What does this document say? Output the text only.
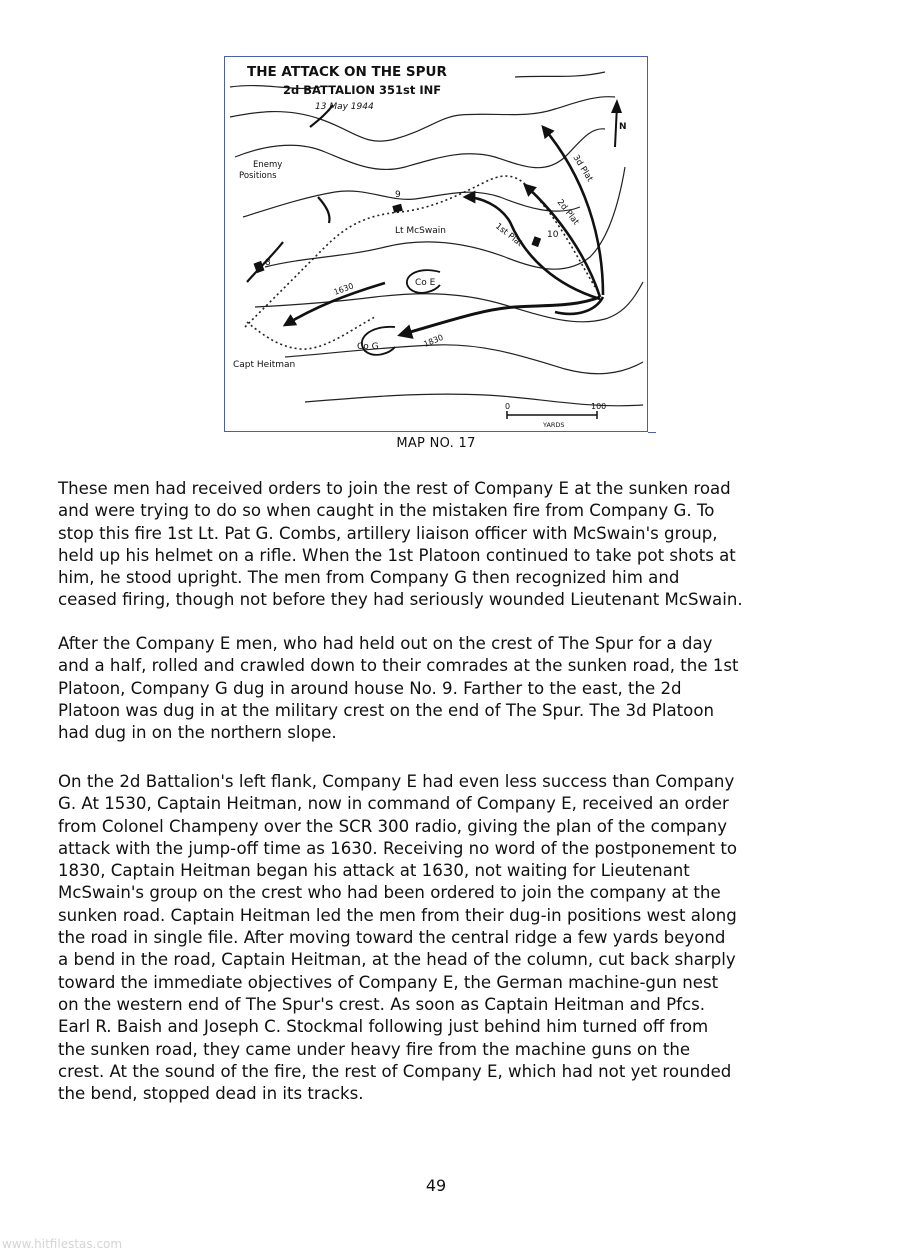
THE ATTACK ON THE SPUR
2d BATTALION 351st INF
13 May 1944
Enemy
Positions
9
8
10
Lt McSwain
Co E
Co G
Capt Heitman
1630
1830
1st Plat
2d Plat
3d Plat
N
0	100
YARDS
MAP NO. 17

These men had received orders to join the rest of Company E at the sunken road
and were trying to do so when caught in the mistaken fire from Company G. To
stop this fire 1st Lt. Pat G. Combs, artillery liaison officer with McSwain's group,
held up his helmet on a rifle. When the 1st Platoon continued to take pot shots at
him, he stood upright. The men from Company G then recognized him and
ceased firing, though not before they had seriously wounded Lieutenant McSwain.

After the Company E men, who had held out on the crest of The Spur for a day
and a half, rolled and crawled down to their comrades at the sunken road, the 1st
Platoon, Company G dug in around house No. 9. Farther to the east, the 2d
Platoon was dug in at the military crest on the end of The Spur. The 3d Platoon
had dug in on the northern slope.

On the 2d Battalion's left flank, Company E had even less success than Company
G. At 1530, Captain Heitman, now in command of Company E, received an order
from Colonel Champeny over the SCR 300 radio, giving the plan of the company
attack with the jump-off time as 1630. Receiving no word of the postponement to
1830, Captain Heitman began his attack at 1630, not waiting for Lieutenant
McSwain's group on the crest who had been ordered to join the company at the
sunken road. Captain Heitman led the men from their dug-in positions west along
the road in single file. After moving toward the central ridge a few yards beyond
a bend in the road, Captain Heitman, at the head of the column, cut back sharply
toward the immediate objectives of Company E, the German machine-gun nest
on the western end of The Spur's crest. As soon as Captain Heitman and Pfcs.
Earl R. Baish and Joseph C. Stockmal following just behind him turned off from
the sunken road, they came under heavy fire from the machine guns on the
crest. At the sound of the fire, the rest of Company E, which had not yet rounded
the bend, stopped dead in its tracks.

49
www.hitfilestas.com
